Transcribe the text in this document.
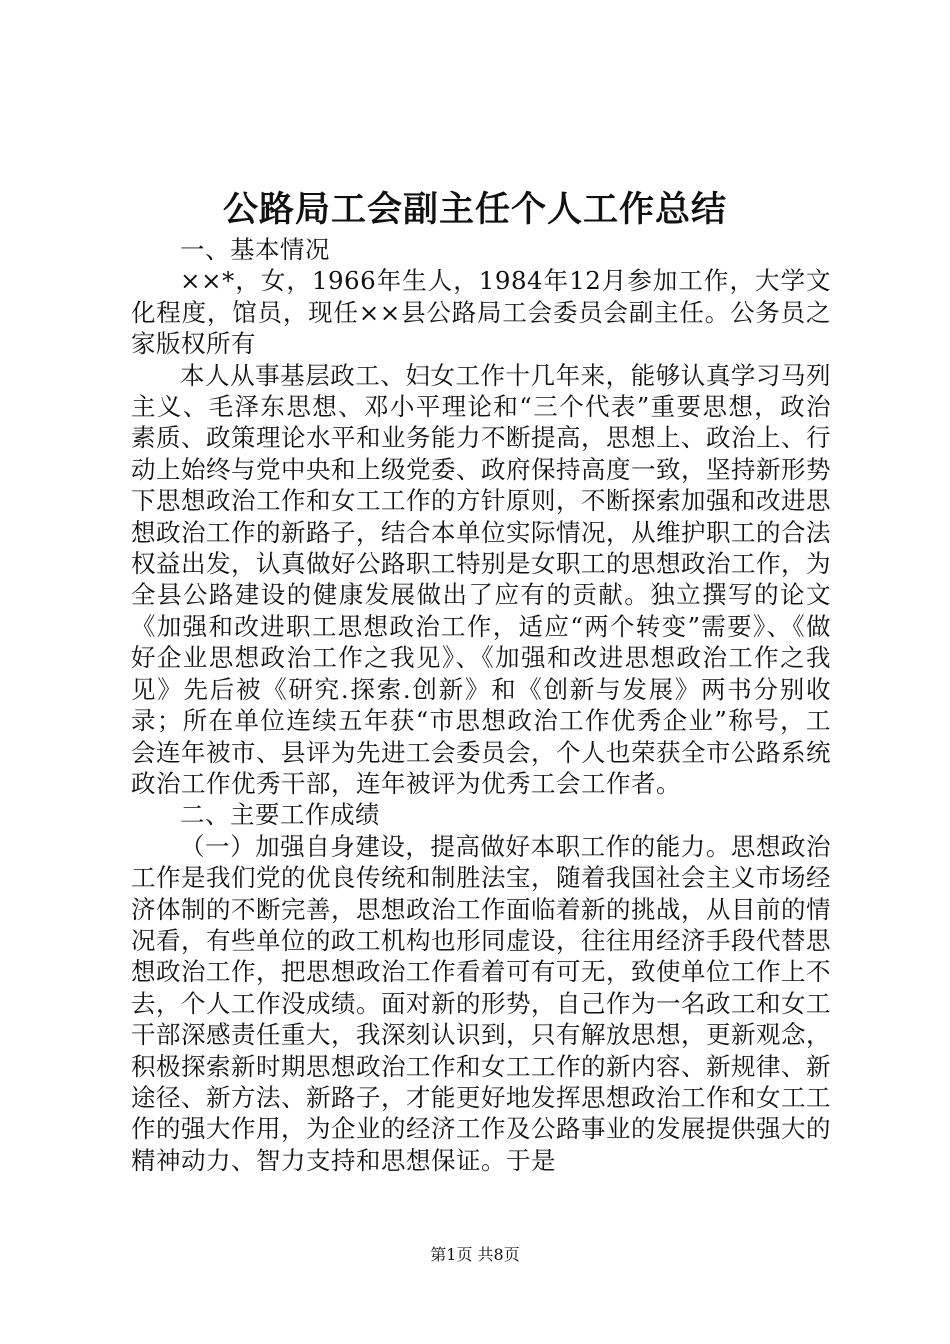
公路局工会副主任个人工作总结

一、基本情况

××*，女，1966年生人，1984年12月参加工作，大学文化程度，馆员，现任××县公路局工会委员会副主任。公务员之家版权所有

本人从事基层政工、妇女工作十几年来，能够认真学习马列主义、毛泽东思想、邓小平理论和“三个代表”重要思想，政治素质、政策理论水平和业务能力不断提高，思想上、政治上、行动上始终与党中央和上级党委、政府保持高度一致，坚持新形势下思想政治工作和女工工作的方针原则，不断探索加强和改进思想政治工作的新路子，结合本单位实际情况，从维护职工的合法权益出发，认真做好公路职工特别是女职工的思想政治工作，为全县公路建设的健康发展做出了应有的贡献。独立撰写的论文《加强和改进职工思想政治工作，适应“两个转变”需要》、《做好企业思想政治工作之我见》、《加强和改进思想政治工作之我见》先后被《研究.探索.创新》和《创新与发展》两书分别收录；所在单位连续五年获“市思想政治工作优秀企业”称号，工会连年被市、县评为先进工会委员会，个人也荣获全市公路系统政治工作优秀干部，连年被评为优秀工会工作者。

二、主要工作成绩

（一）加强自身建设，提高做好本职工作的能力。思想政治工作是我们党的优良传统和制胜法宝，随着我国社会主义市场经济体制的不断完善，思想政治工作面临着新的挑战，从目前的情况看，有些单位的政工机构也形同虚设，往往用经济手段代替思想政治工作，把思想政治工作看着可有可无，致使单位工作上不去，个人工作没成绩。面对新的形势，自己作为一名政工和女工干部深感责任重大，我深刻认识到，只有解放思想，更新观念，积极探索新时期思想政治工作和女工工作的新内容、新规律、新途径、新方法、新路子，才能更好地发挥思想政治工作和女工工作的强大作用，为企业的经济工作及公路事业的发展提供强大的精神动力、智力支持和思想保证。于是

第1页 共8页
